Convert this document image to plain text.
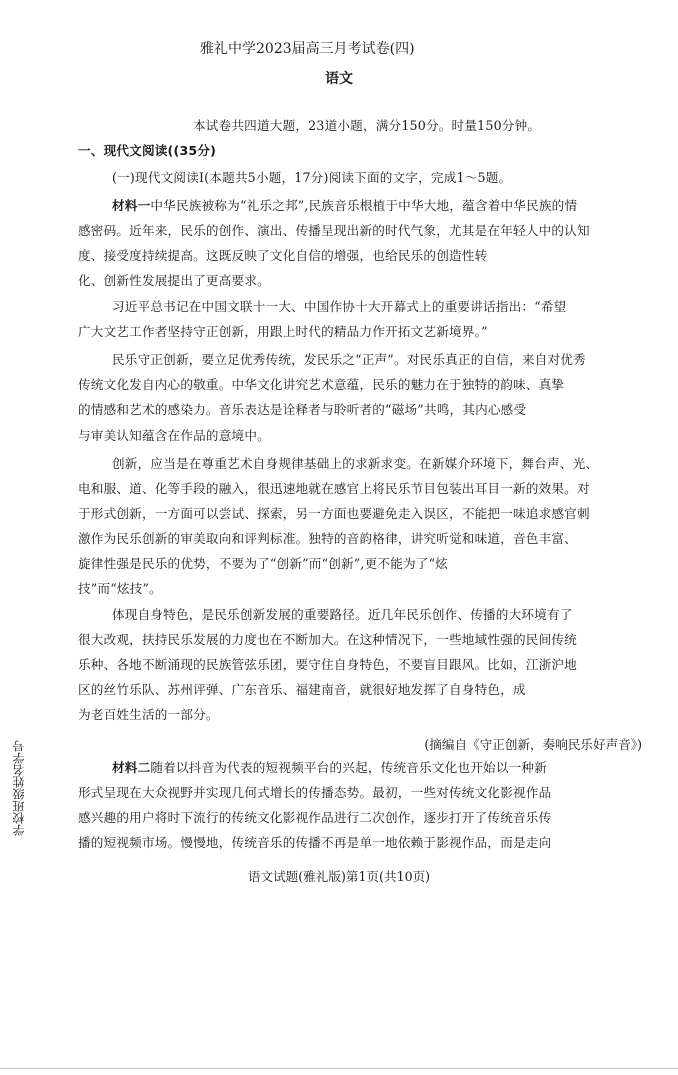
雅礼中学2023届高三月考试卷(四)
语文
本试卷共四道大题，23道小题，满分150分。时量150分钟。
一、现代文阅读((35分)
(一)现代文阅读I(本题共5小题，17分)阅读下面的文字，完成1～5题。
材料一中华民族被称为“礼乐之邦”,民族音乐根植于中华大地，蕴含着中华民族的情
感密码。近年来，民乐的创作、演出、传播呈现出新的时代气象，尤其是在年轻人中的认知
度、接受度持续提高。这既反映了文化自信的增强，也给民乐的创造性转
化、创新性发展提出了更高要求。
习近平总书记在中国文联十一大、中国作协十大开幕式上的重要讲话指出：“希望
广大文艺工作者坚持守正创新，用跟上时代的精品力作开拓文艺新境界。”
民乐守正创新，要立足优秀传统，发民乐之“正声”。对民乐真正的自信，来自对优秀
传统文化发自内心的敬重。中华文化讲究艺术意蕴，民乐的魅力在于独特的韵味、真挚
的情感和艺术的感染力。音乐表达是诠释者与聆听者的“磁场”共鸣，其内心感受
与审美认知蕴含在作品的意境中。
创新，应当是在尊重艺术自身规律基础上的求新求变。在新媒介环境下，舞台声、光、
电和服、道、化等手段的融入，很迅速地就在感官上将民乐节目包装出耳目一新的效果。对
于形式创新，一方面可以尝试、探索，另一方面也要避免走入误区，不能把一味追求感官刺
激作为民乐创新的审美取向和评判标准。独特的音韵格律，讲究听觉和味道，音色丰富、
旋律性强是民乐的优势，不要为了“创新”而“创新”,更不能为了“炫
技”而“炫技”。
体现自身特色，是民乐创新发展的重要路径。近几年民乐创作、传播的大环境有了
很大改观，扶持民乐发展的力度也在不断加大。在这种情况下，一些地域性强的民间传统
乐种、各地不断涌现的民族管弦乐团，要守住自身特色，不要盲目跟风。比如，江浙沪地
区的丝竹乐队、苏州评弹、广东音乐、福建南音，就很好地发挥了自身特色，成
为老百姓生活的一部分。
(摘编自《守正创新，奏响民乐好声音》)
材料二随着以抖音为代表的短视频平台的兴起，传统音乐文化也开始以一种新
形式呈现在大众视野并实现几何式增长的传播态势。最初，一些对传统文化影视作品
感兴趣的用户将时下流行的传统文化影视作品进行二次创作，逐步打开了传统音乐传
播的短视频市场。慢慢地，传统音乐的传播不再是单一地依赖于影视作品，而是走向
语文试题(雅礼版)第1页(共10页)
学校班级姓名学号
